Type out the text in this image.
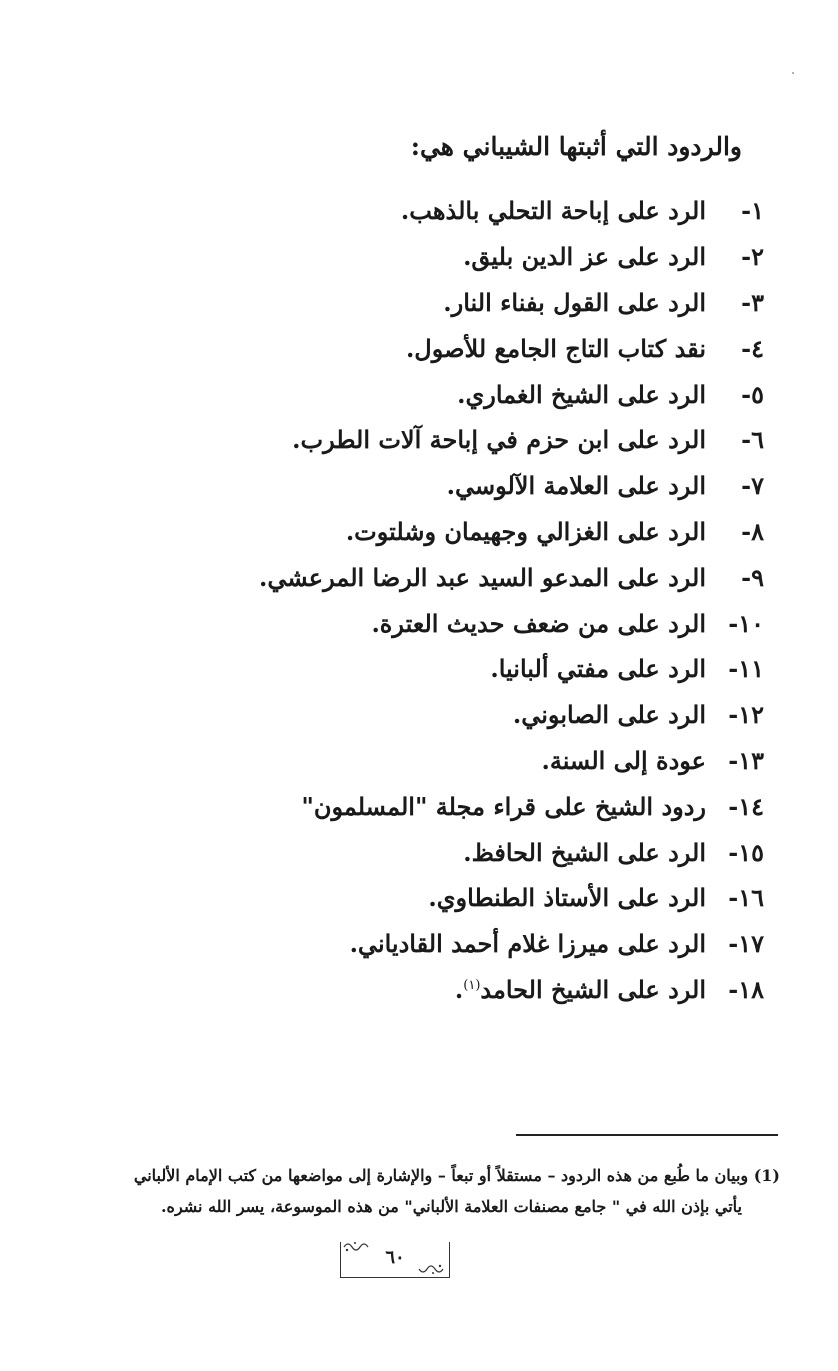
والردود التي أثبتها الشيباني هي:
١-
الرد على إباحة التحلي بالذهب.
٢-
الرد على عز الدين بليق.
٣-
الرد على القول بفناء النار.
٤-
نقد كتاب التاج الجامع للأصول.
٥-
الرد على الشيخ الغماري.
٦-
الرد على ابن حزم في إباحة آلات الطرب.
٧-
الرد على العلامة الآلوسي.
٨-
الرد على الغزالي وجهيمان وشلتوت.
٩-
الرد على المدعو السيد عبد الرضا المرعشي.
١٠-
الرد على من ضعف حديث العترة.
١١-
الرد على مفتي ألبانيا.
١٢-
الرد على الصابوني.
١٣-
عودة إلى السنة.
١٤-
ردود الشيخ على قراء مجلة "المسلمون"
١٥-
الرد على الشيخ الحافظ.
١٦-
الرد على الأستاذ الطنطاوي.
١٧-
الرد على ميرزا غلام أحمد القادياني.
١٨-
الرد على الشيخ الحامد$^{(١)}$.
(1) وبيان ما طُبع من هذه الردود – مستقلاً أو تبعاً – والإشارة إلى مواضعها من كتب الإمام الألباني
يأتي بإذن الله في " جامع مصنفات العلامة الألباني" من هذه الموسوعة، يسر الله نشره.
٦٠
